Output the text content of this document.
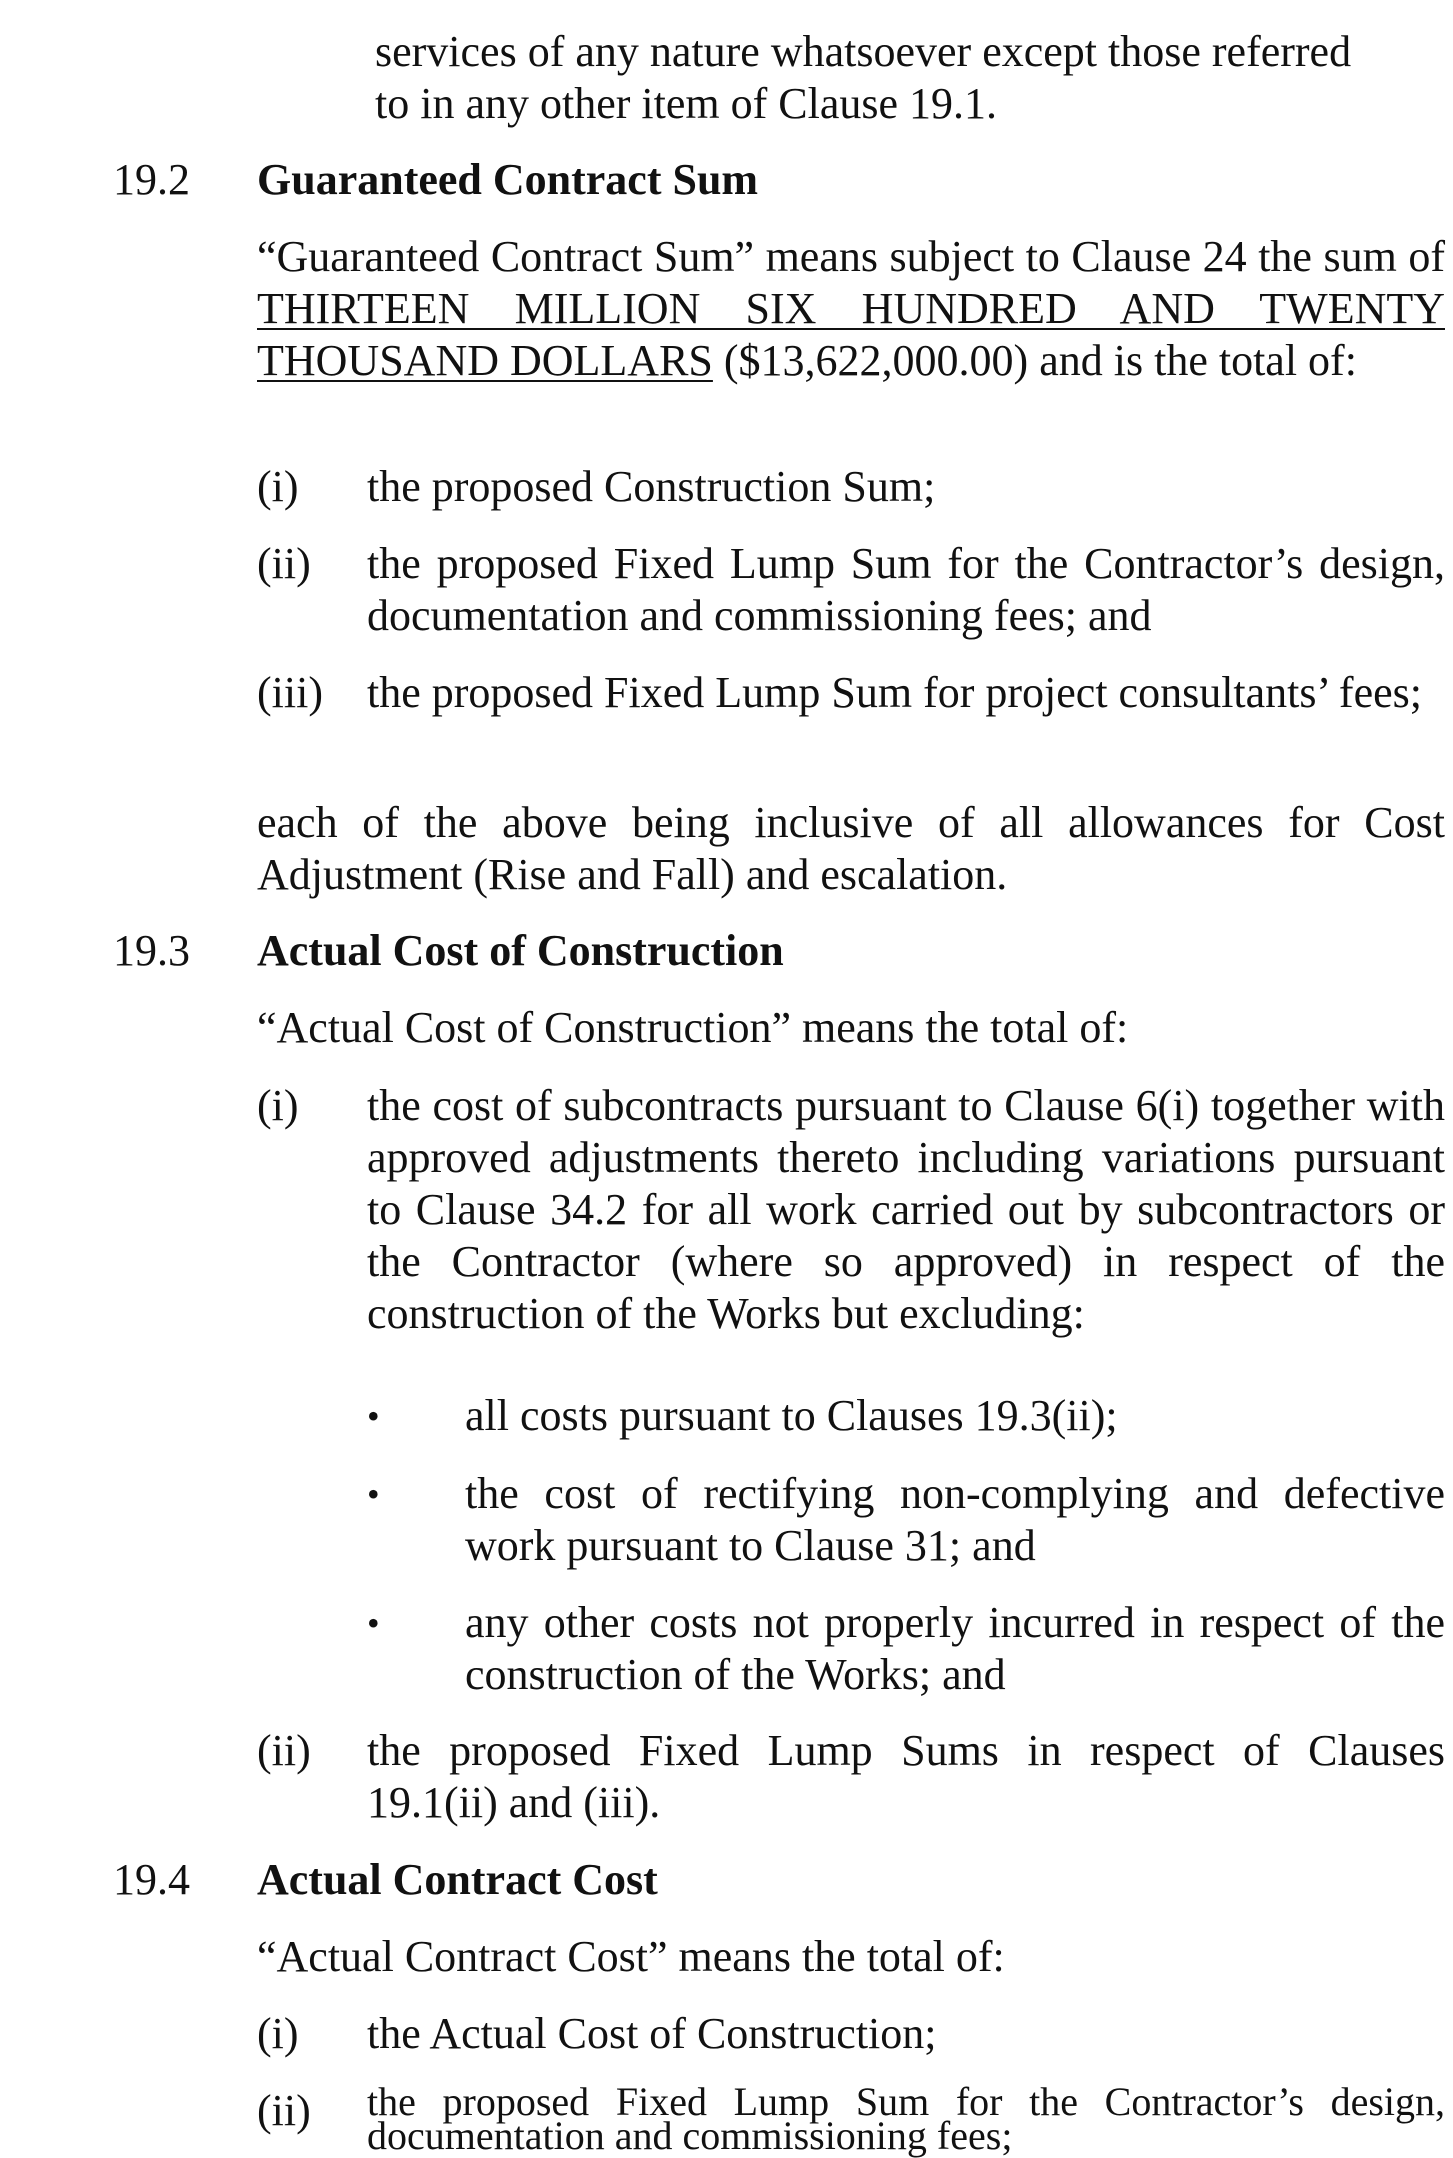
services of any nature whatsoever except those referred
to in any other item of Clause 19.1.
19.2 Guaranteed Contract Sum

“Guaranteed Contract Sum” means subject to Clause 24 the sum of THIRTEEN MILLION SIX HUNDRED AND TWENTY THOUSAND DOLLARS ($13,622,000.00) and is the total of:

(i) the proposed Construction Sum;

(ii) the proposed Fixed Lump Sum for the Contractor’s design, documentation and commissioning fees; and

(iii) the proposed Fixed Lump Sum for project consultants’ fees;

each of the above being inclusive of all allowances for Cost Adjustment (Rise and Fall) and escalation.

19.3 Actual Cost of Construction

“Actual Cost of Construction” means the total of:

(i) the cost of subcontracts pursuant to Clause 6(i) together with approved adjustments thereto including variations pursuant to Clause 34.2 for all work carried out by subcontractors or the Contractor (where so approved) in respect of the construction of the Works but excluding:

• all costs pursuant to Clauses 19.3(ii);

• the cost of rectifying non-complying and defective work pursuant to Clause 31; and

• any other costs not properly incurred in respect of the construction of the Works; and

(ii) the proposed Fixed Lump Sums in respect of Clauses 19.1(ii) and (iii).

19.4 Actual Contract Cost

“Actual Contract Cost” means the total of:

(i) the Actual Cost of Construction;

(ii) the proposed Fixed Lump Sum for the Contractor’s design, documentation and commissioning fees;
